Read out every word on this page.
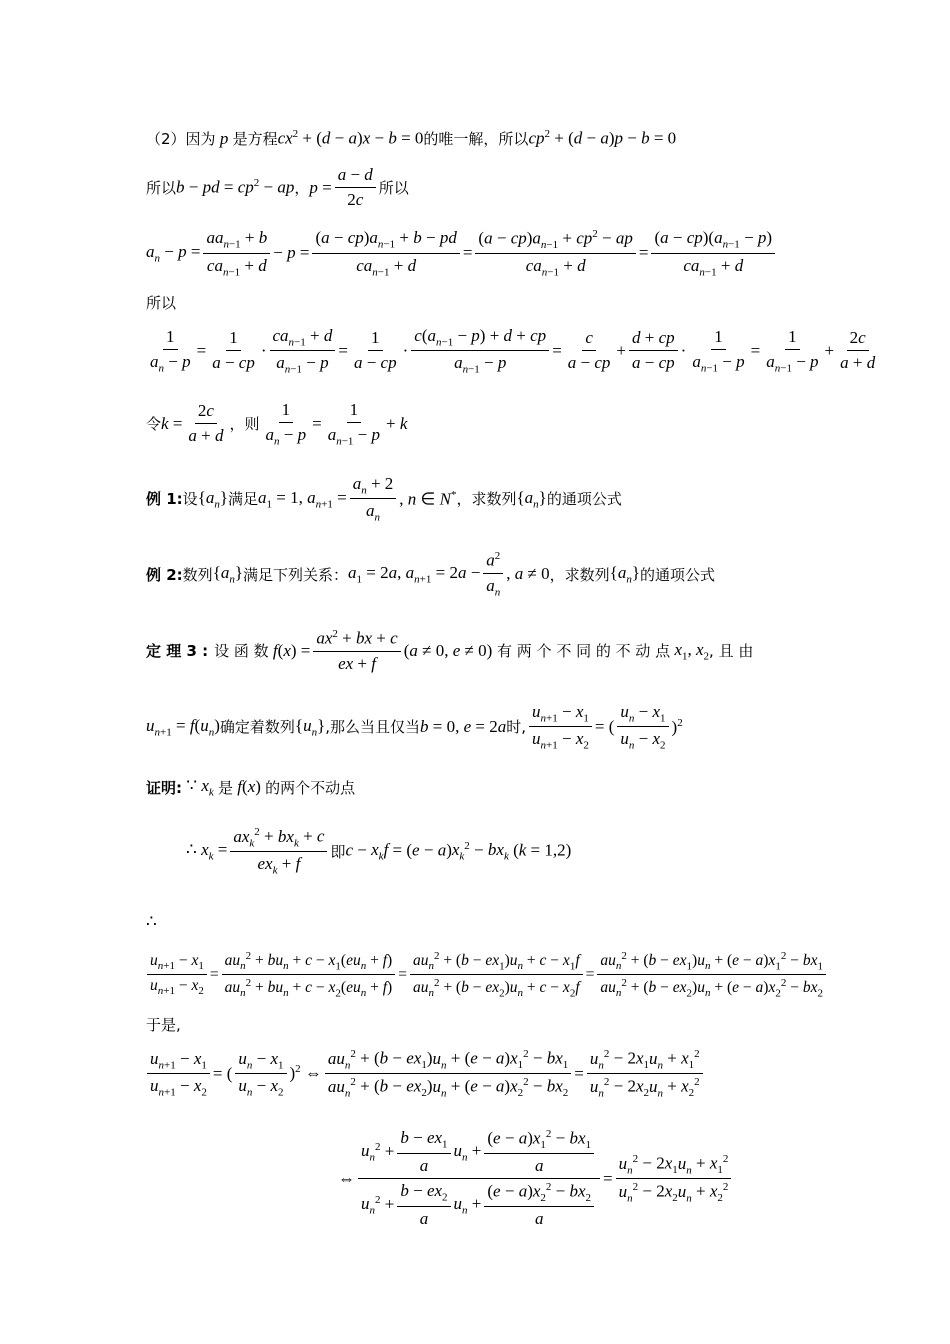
（2） 因为 p 是方程 $cx^2 + (d - a)x - b = 0$ 的唯一解，所以 $cp^2 + (d - a)p - b = 0$
所以 b − pd = $cp^2$ − ap ， $p = \frac{a - d}{2c}$ 所以
$a_n - p = \frac{aa_{n-1} + b}{ca_{n-1} + d} - p = \frac{(a - cp)a_{n-1} + b - pd}{ca_{n-1} + d} = \frac{(a - cp)a_{n-1} + cp^2 - ap}{ca_{n-1} + d} = \frac{(a - cp)(a_{n-1} - p)}{ca_{n-1} + d}$
所以
$\frac{1}{a_n - p} = \frac{1}{a - cp} \cdot \frac{ca_{n-1} + d}{a_{n-1} - p} = \frac{1}{a - cp} \cdot \frac{c(a_{n-1} - p) + d + cp}{a_{n-1} - p} = \frac{c}{a - cp} + \frac{d + cp}{a - cp} \cdot \frac{1}{a_{n-1} - p} = \frac{1}{a_{n-1} - p} + \frac{2c}{a + d}$
令 $k = \frac{2c}{a + d}$ ，则 $\frac{1}{a_n - p} = \frac{1}{a_{n-1} - p} + k$
例 1: 设 $\{a_n\}$ 满足 $a_1 = 1$, $a_{n+1} = \frac{a_n + 2}{a_n}$ , n ∈ N* ，求数列 $\{a_n\}$ 的通项公式
例 2: 数列 $\{a_n\}$ 满足下列关系： $a_1 = 2a$, $a_{n+1} = 2a - \frac{a^2}{a_n}$ , a ≠ 0 ，求数列 $\{a_n\}$ 的通项公式
定 理 3 : 设 函 数 $f(x) = \frac{ax^2 + bx + c}{ex + f} (a \ne 0$, e ≠ 0)
有 两 个 不 同 的 不 动 点 $x_1$, $x_2$ , 且 由
$u_{n+1} = f(u_n)$ 确定着数列 $\{u_n\}$ ,那么当且仅当 b = 0, e = 2a 时, $\frac{u_{n+1} - x_1}{u_{n+1} - x_2}$ = ( $\frac{u_n - x_1}{u_n - x_2} )^2$
证明: ∵ $x_k$ 是 f(x) 的两个不动点
∴ $x_k = \frac{ax_k^2 + bx_k + c}{ex_k + f}$ 即 $c - x_kf = (e - a)x_k^2 - bx_k$ (k = 1,2)
∴
$\frac{u_{n+1} - x_1}{u_{n+1} - x_2} = \frac{au_n^2 + bu_n + c - x_1(eu_n + f)}{au_n^2 + bu_n + c - x_2(eu_n + f)} = \frac{au_n^2 + (b - ex_1)u_n + c - x_1f}{au_n^2 + (b - ex_2)u_n + c - x_2f} = \frac{au_n^2 + (b - ex_1)u_n + (e - a)x_1^2 - bx_1}{au_n^2 + (b - ex_2)u_n + (e - a)x_2^2 - bx_2}$
于是,
$\frac{u_{n+1} - x_1}{u_{n+1} - x_2}$ = ( $\frac{u_n - x_1}{u_n - x_2} )^2$ ⇔ $\frac{au_n^2 + (b - ex_1)u_n + (e - a)x_1^2 - bx_1}{au_n^2 + (b - ex_2)u_n + (e - a)x_2^2 - bx_2} = \frac{u_n^2 - 2x_1u_n + x_1^2}{u_n^2 - 2x_2u_n + x_2^2}$
⇔ $\frac{u_n^2 + \frac{b - ex_1}{a} u_n + \frac{(e - a)x_1^2 - bx_1}{a}}{u_n^2 + \frac{b - ex_2}{a} u_n + \frac{(e - a)x_2^2 - bx_2}{a}} = \frac{u_n^2 - 2x_1u_n + x_1^2}{u_n^2 - 2x_2u_n + x_2^2}$
